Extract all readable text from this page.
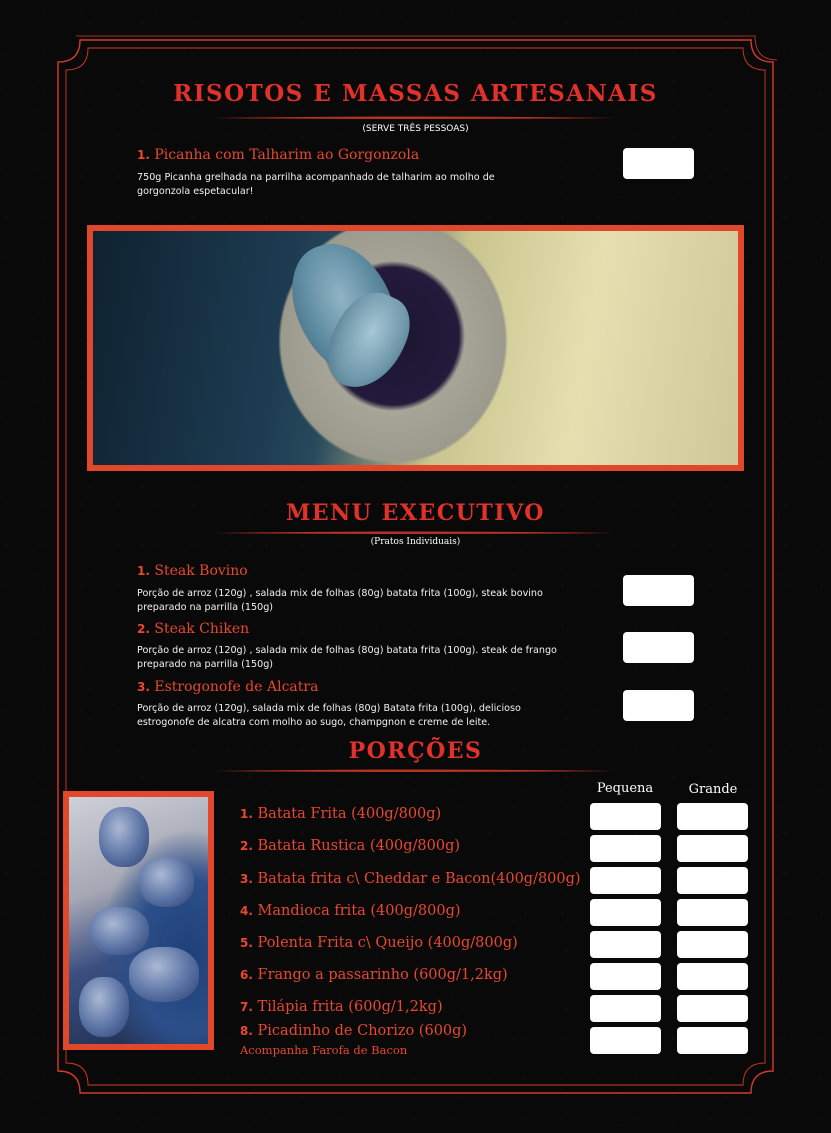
RISOTOS E MASSAS ARTESANAIS
(SERVE TRÊS PESSOAS)
1. Picanha com Talharim ao Gorgonzola
750g Picanha grelhada na parrilha acompanhado de talharim ao molho de
gorgonzola espetacular!
MENU EXECUTIVO
(Pratos Individuais)
1. Steak Bovino
Porção de arroz (120g) , salada mix de folhas (80g) batata frita (100g), steak bovino
preparado na parrilla (150g)
2. Steak Chiken
Porção de arroz (120g) , salada mix de folhas (80g) batata frita (100g). steak de frango
preparado na parrilla (150g)
3. Estrogonofe de Alcatra
Porção de arroz (120g), salada mix de folhas (80g) Batata frita (100g), delicioso
estrogonofe de alcatra com molho ao sugo, champgnon e creme de leite.
PORÇÕES
Pequena	Grande
1. Batata Frita (400g/800g)
2. Batata Rustica (400g/800g)
3. Batata frita c\ Cheddar e Bacon(400g/800g)
4. Mandioca frita (400g/800g)
5. Polenta Frita c\ Queijo (400g/800g)
6. Frango a passarinho (600g/1,2kg)
7. Tilápia frita (600g/1,2kg)
8. Picadinho de Chorizo (600g)
Acompanha Farofa de Bacon
